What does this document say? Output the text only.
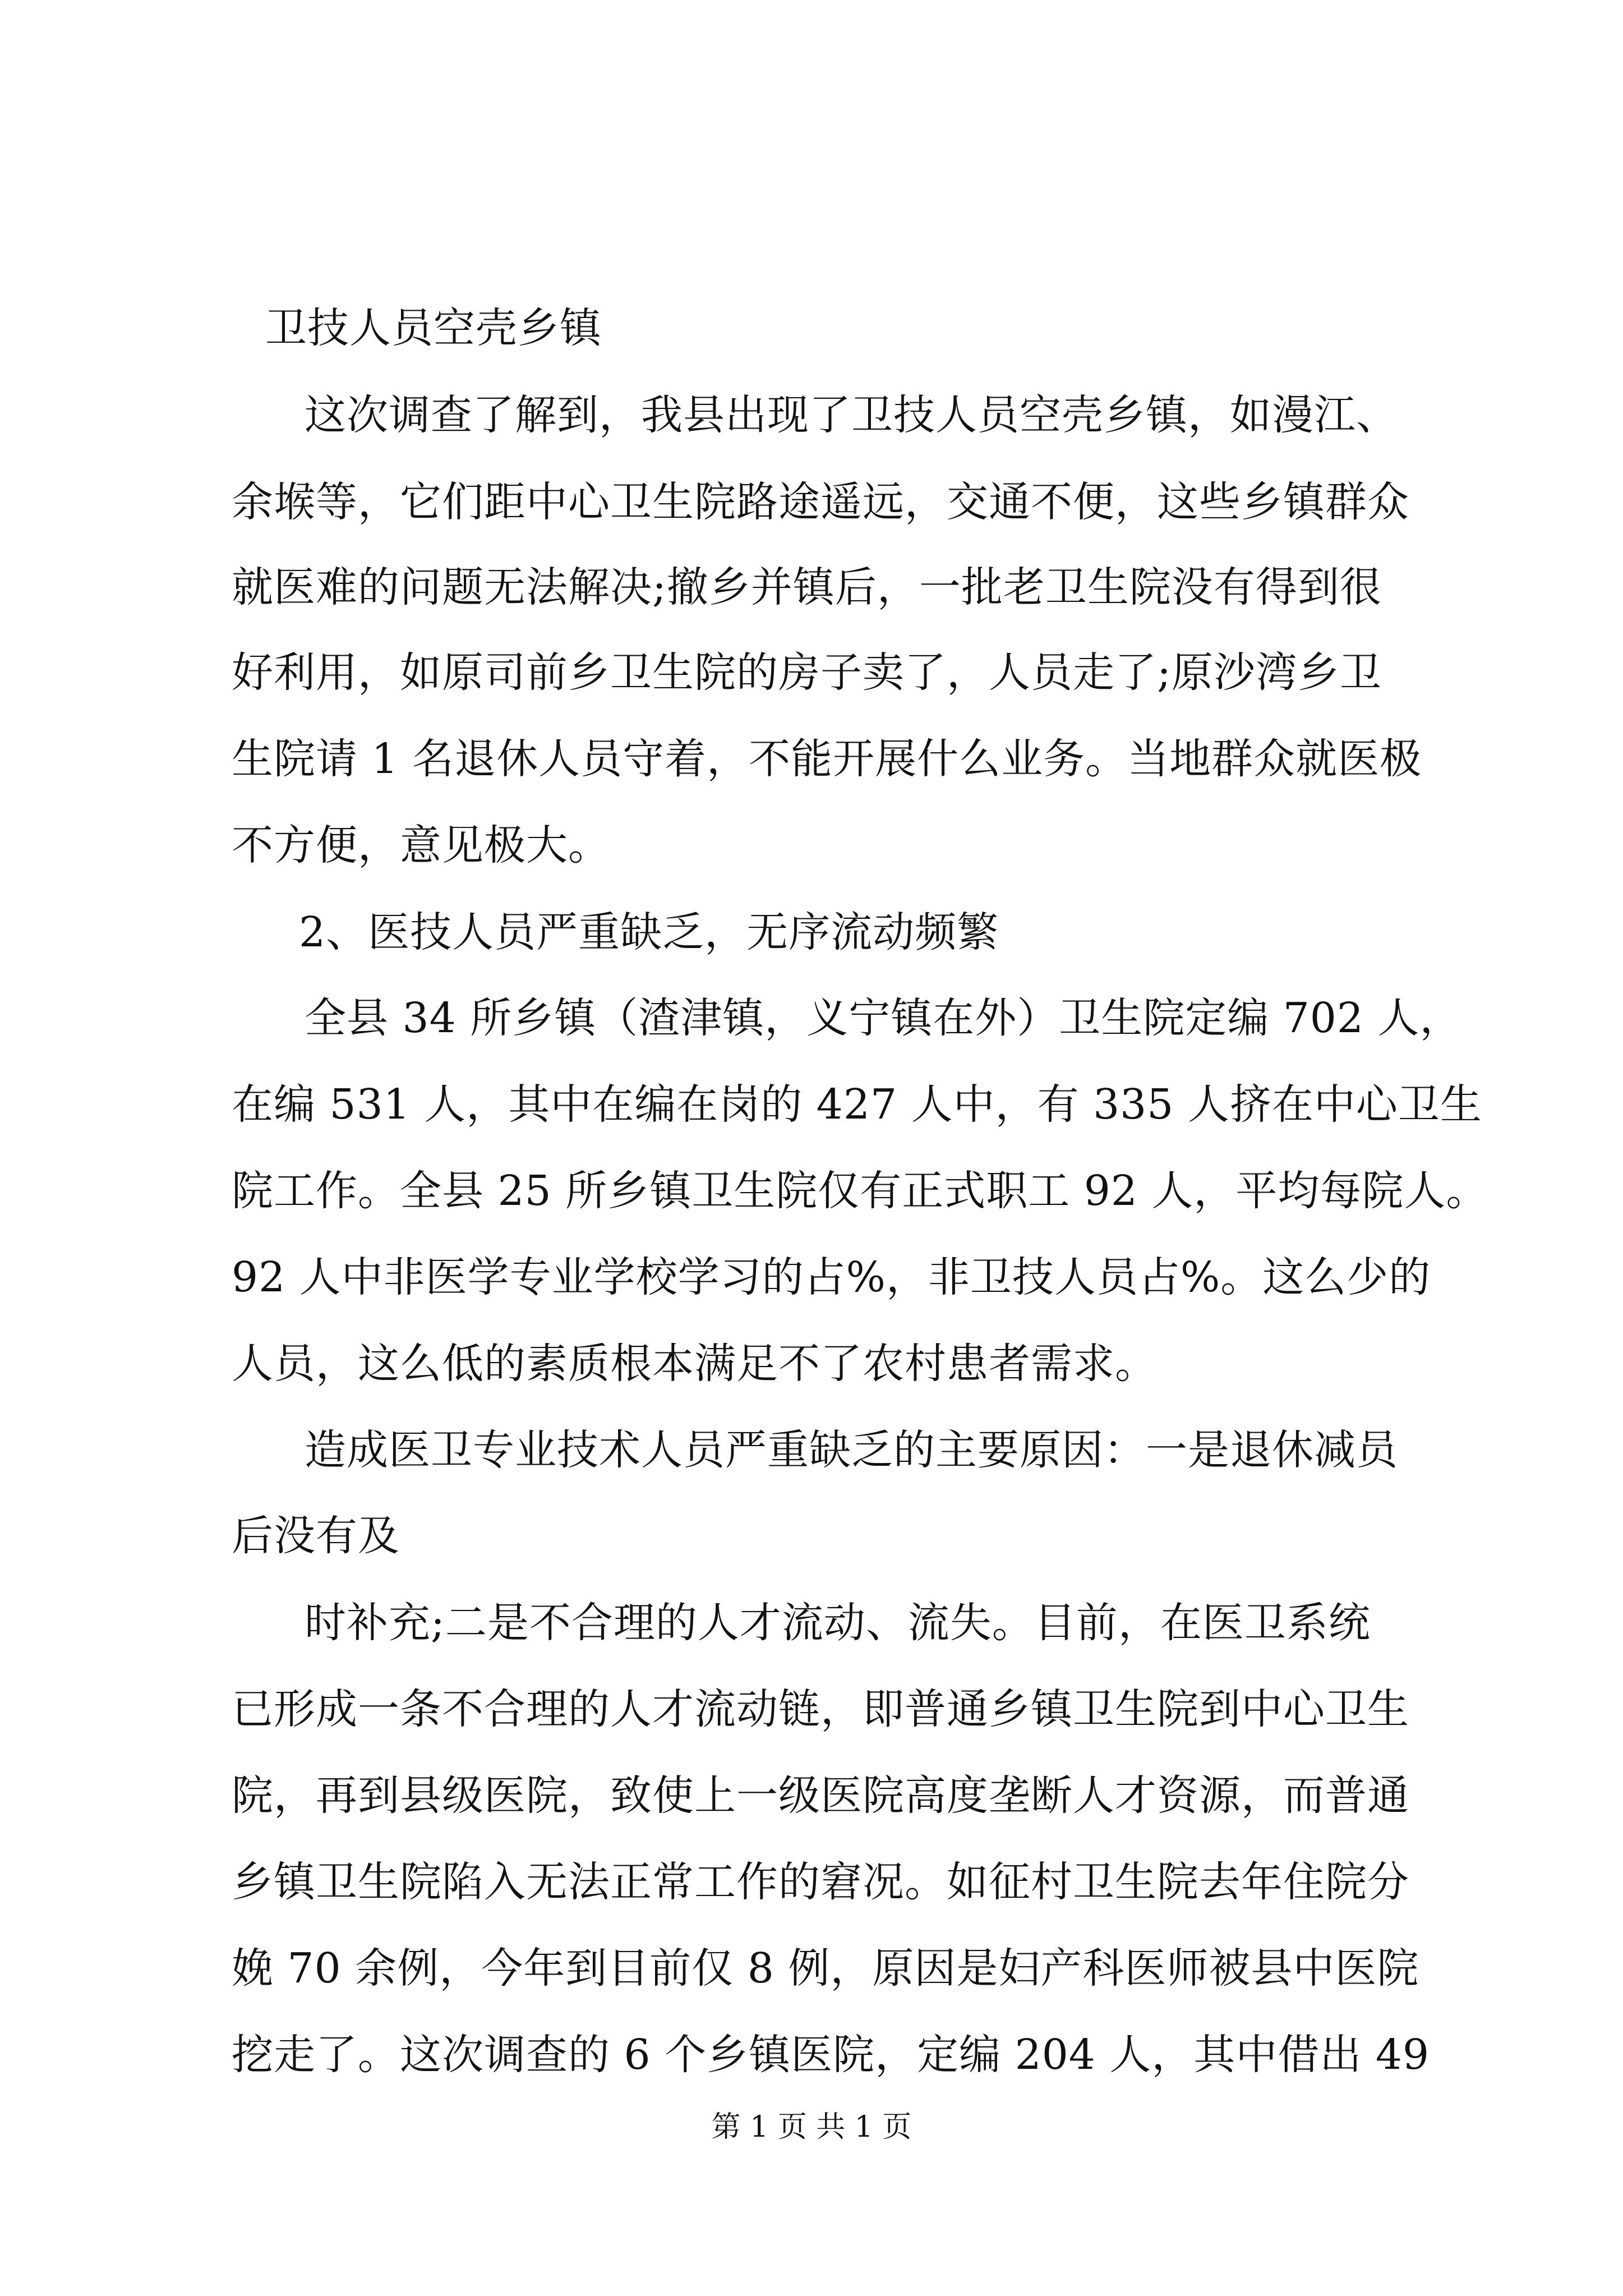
卫技人员空壳乡镇
这次调查了解到，我县出现了卫技人员空壳乡镇，如漫江、
余堠等，它们距中心卫生院路途遥远，交通不便，这些乡镇群众
就医难的问题无法解决;撤乡并镇后，一批老卫生院没有得到很
好利用，如原司前乡卫生院的房子卖了，人员走了;原沙湾乡卫
生院请 1 名退休人员守着，不能开展什么业务。当地群众就医极
不方便，意见极大。
2、医技人员严重缺乏，无序流动频繁
全县 34 所乡镇（渣津镇，义宁镇在外）卫生院定编 702 人，
在编 531 人，其中在编在岗的 427 人中，有 335 人挤在中心卫生
院工作。全县 25 所乡镇卫生院仅有正式职工 92 人，平均每院人。
92 人中非医学专业学校学习的占%，非卫技人员占%。这么少的
人员，这么低的素质根本满足不了农村患者需求。
造成医卫专业技术人员严重缺乏的主要原因：一是退休减员
后没有及
时补充;二是不合理的人才流动、流失。目前，在医卫系统
已形成一条不合理的人才流动链，即普通乡镇卫生院到中心卫生
院，再到县级医院，致使上一级医院高度垄断人才资源，而普通
乡镇卫生院陷入无法正常工作的窘况。如征村卫生院去年住院分
娩 70 余例，今年到目前仅 8 例，原因是妇产科医师被县中医院
挖走了。这次调查的 6 个乡镇医院，定编 204 人，其中借出 49
第 1 页 共 1 页
